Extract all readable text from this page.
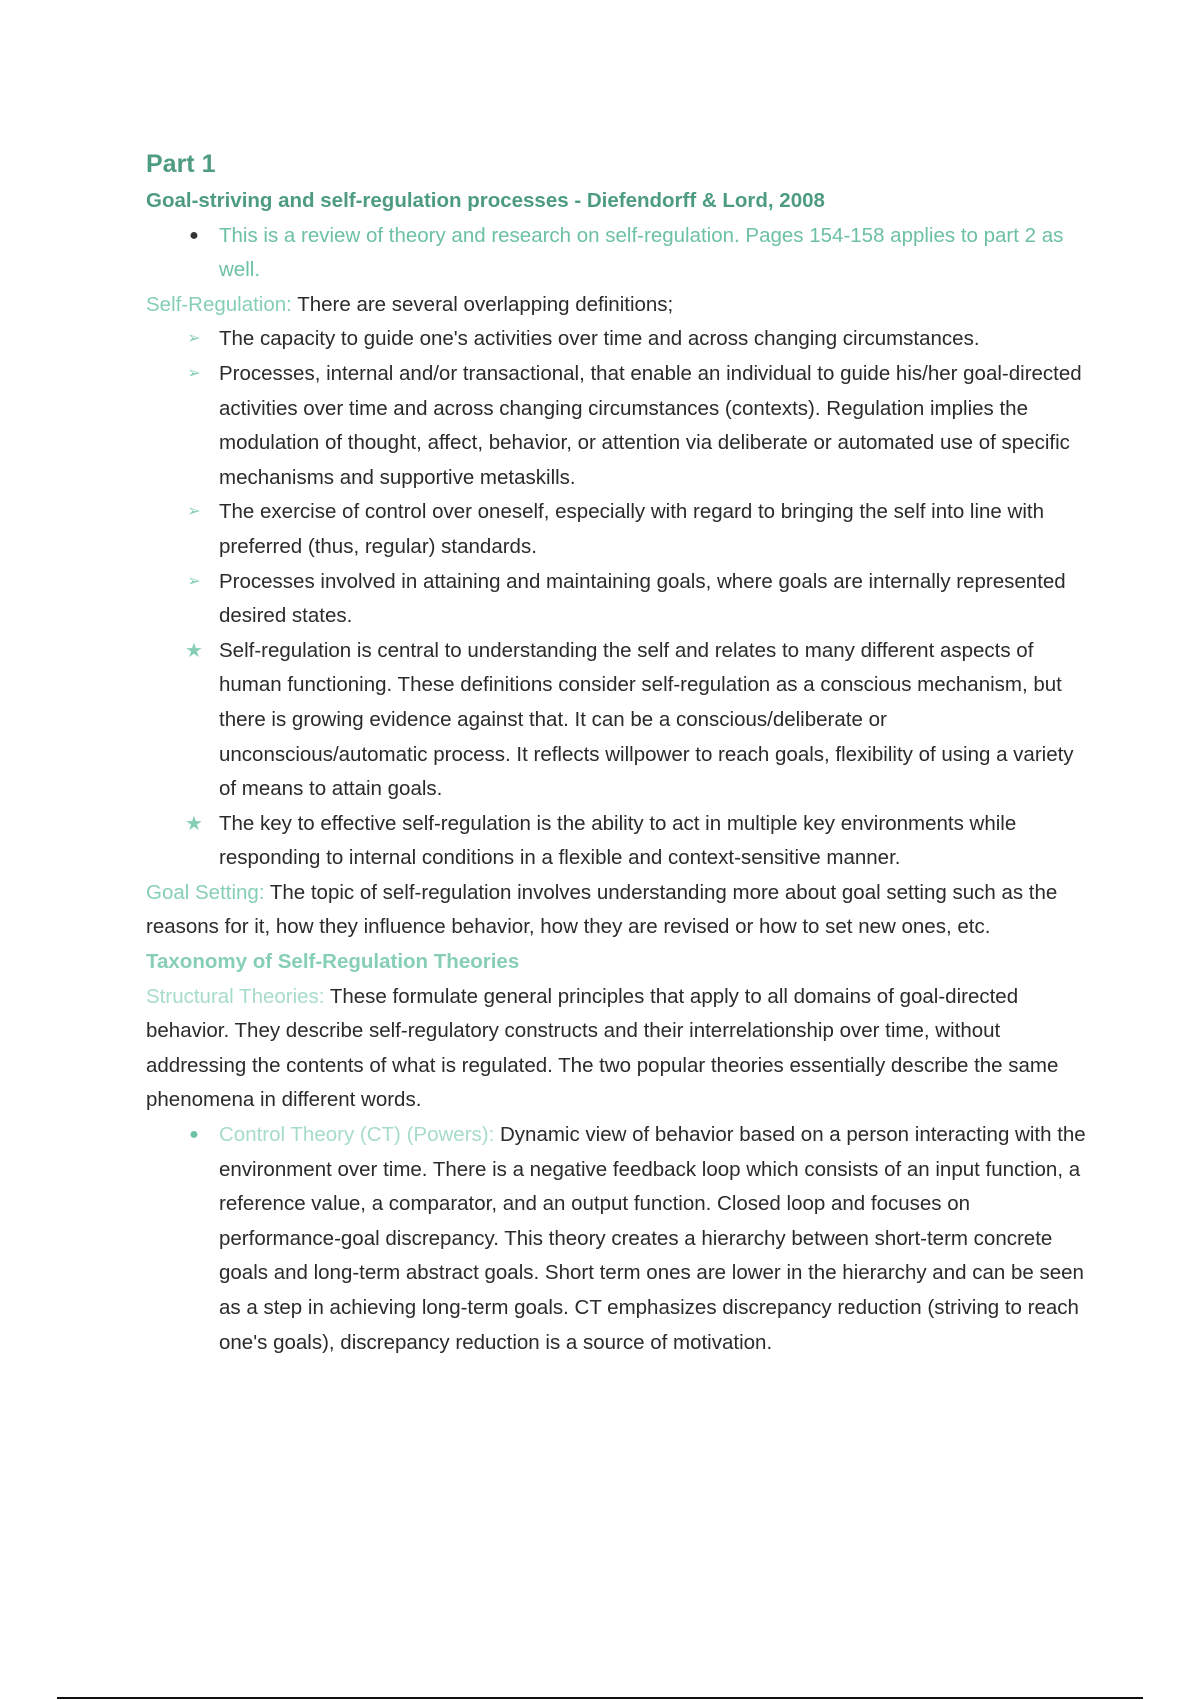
Part 1

Goal-striving and self-regulation processes - Diefendorff & Lord, 2008

● This is a review of theory and research on self-regulation. Pages 154-158 applies to part 2 as well.

Self-Regulation: There are several overlapping definitions;

➢ The capacity to guide one's activities over time and across changing circumstances.
➢ Processes, internal and/or transactional, that enable an individual to guide his/her goal-directed activities over time and across changing circumstances (contexts). Regulation implies the modulation of thought, affect, behavior, or attention via deliberate or automated use of specific mechanisms and supportive metaskills.
➢ The exercise of control over oneself, especially with regard to bringing the self into line with preferred (thus, regular) standards.
➢ Processes involved in attaining and maintaining goals, where goals are internally represented desired states.
★ Self-regulation is central to understanding the self and relates to many different aspects of human functioning. These definitions consider self-regulation as a conscious mechanism, but there is growing evidence against that. It can be a conscious/deliberate or unconscious/automatic process. It reflects willpower to reach goals, flexibility of using a variety of means to attain goals.
★ The key to effective self-regulation is the ability to act in multiple key environments while responding to internal conditions in a flexible and context-sensitive manner.

Goal Setting: The topic of self-regulation involves understanding more about goal setting such as the reasons for it, how they influence behavior, how they are revised or how to set new ones, etc.

Taxonomy of Self-Regulation Theories

Structural Theories: These formulate general principles that apply to all domains of goal-directed behavior. They describe self-regulatory constructs and their interrelationship over time, without addressing the contents of what is regulated. The two popular theories essentially describe the same phenomena in different words.

● Control Theory (CT) (Powers): Dynamic view of behavior based on a person interacting with the environment over time. There is a negative feedback loop which consists of an input function, a reference value, a comparator, and an output function. Closed loop and focuses on performance-goal discrepancy. This theory creates a hierarchy between short-term concrete goals and long-term abstract goals. Short term ones are lower in the hierarchy and can be seen as a step in achieving long-term goals. CT emphasizes discrepancy reduction (striving to reach one's goals), discrepancy reduction is a source of motivation.
